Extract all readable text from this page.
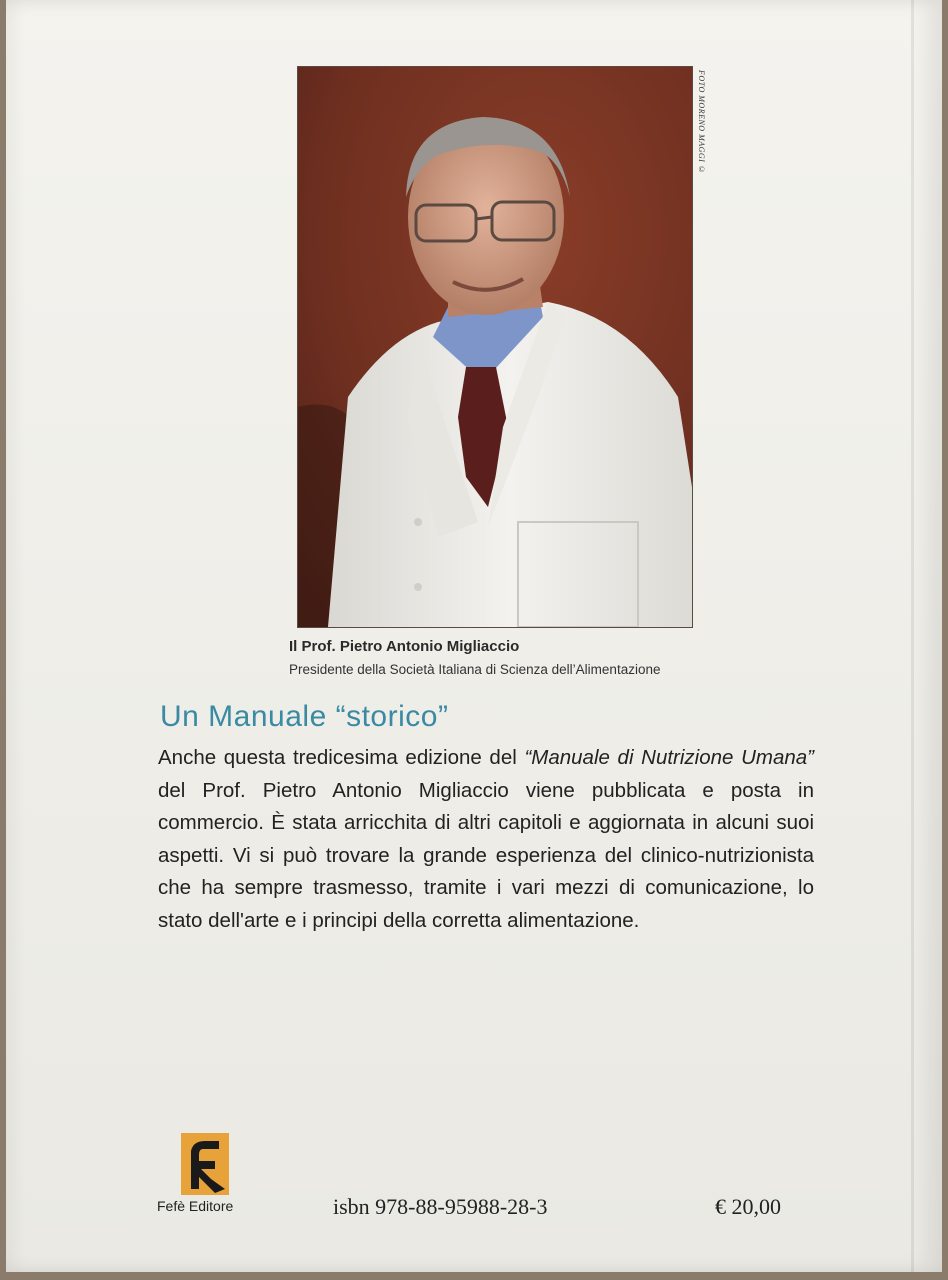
FOTO MORENO MAGGI ©
Il Prof. Pietro Antonio Migliaccio
Presidente della Società Italiana di Scienza dell’Alimentazione
Un Manuale “storico”
Anche questa tredicesima edizione del “Manuale di Nutrizione Umana” del Prof. Pietro Antonio Migliaccio viene pubblicata e posta in commercio. È stata arricchita di altri capitoli e aggiornata in alcuni suoi aspetti. Vi si può trovare la grande esperienza del clinico-nutrizionista che ha sempre trasmesso, tramite i vari mezzi di comunicazione, lo stato dell'arte e i principi della corretta alimentazione.
Fefè Editore	isbn 978-88-95988-28-3	€ 20,00
